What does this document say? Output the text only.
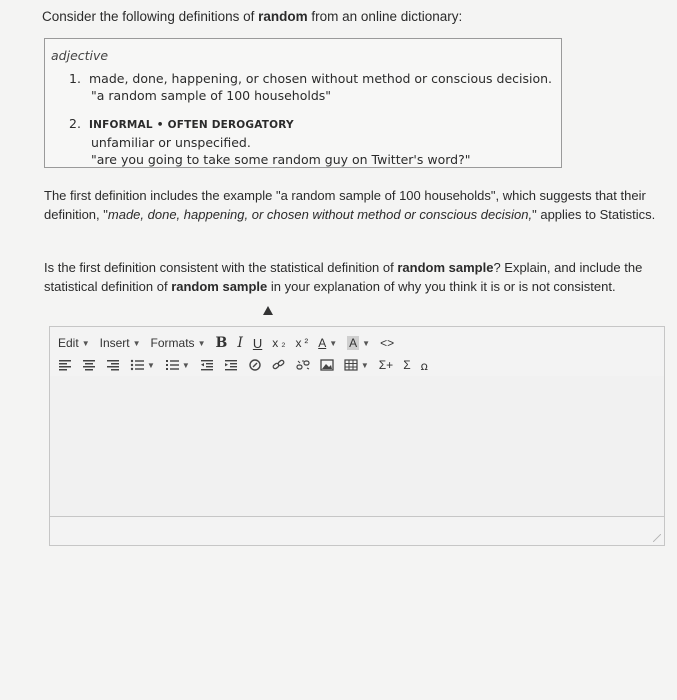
Consider the following definitions of random from an online dictionary:
adjective
1. made, done, happening, or chosen without method or conscious decision.
"a random sample of 100 households"
2. INFORMAL • OFTEN DEROGATORY
unfamiliar or unspecified.
"are you going to take some random guy on Twitter's word?"
The first definition includes the example "a random sample of 100 households", which suggests that their definition, "made, done, happening, or chosen without method or conscious decision," applies to Statistics.
Is the first definition consistent with the statistical definition of random sample? Explain, and include the statistical definition of random sample in your explanation of why you think it is or is not consistent.
Edit ▼ Insert ▼ Formats ▼ B I U x ₂ x ² A ▼ A ▼ <>
▼	▼	▼ Σ+ Σ ꭥ
